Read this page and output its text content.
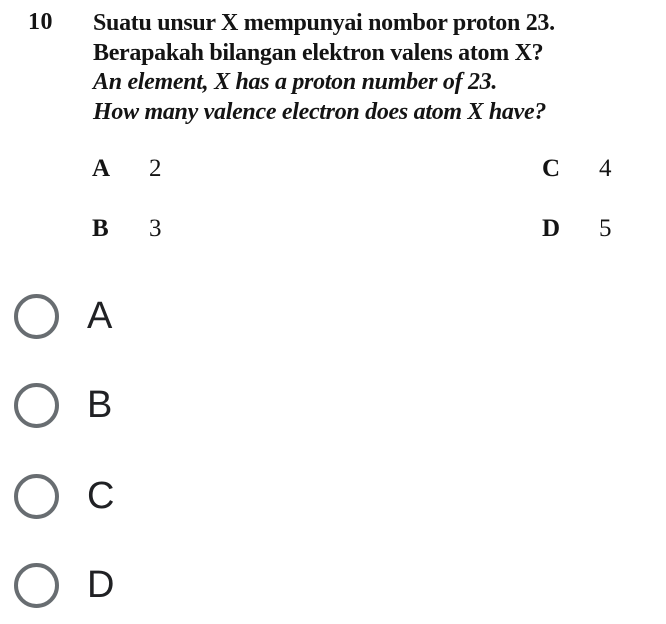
10 Suatu unsur X mempunyai nombor proton 23.

Berapakah bilangan elektron valens atom X?

An element, X has a proton number of 23.

How many valence electron does atom X have?

A 2
B 3
C 4
D 5
A
B
C
D
